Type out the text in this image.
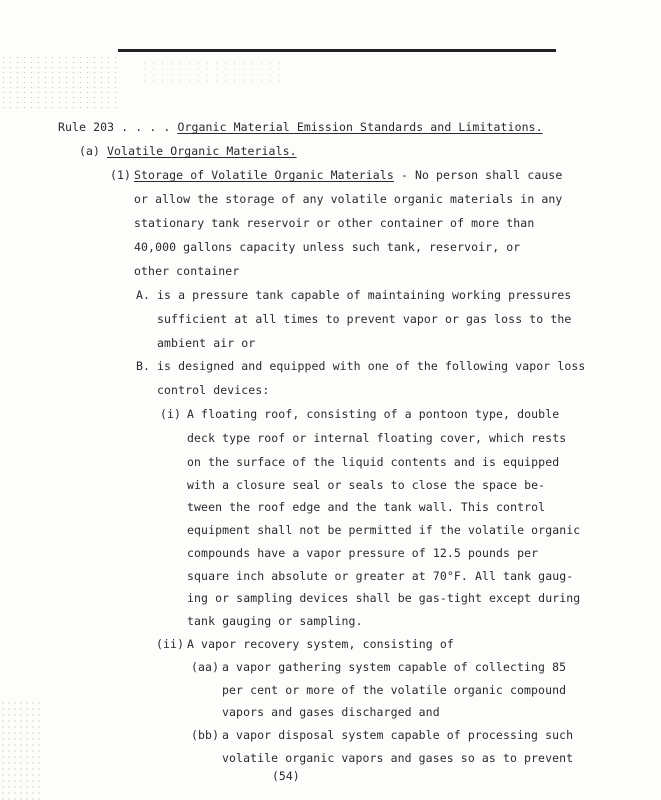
Rule 203 . . . . Organic Material Emission Standards and Limitations.
(a) Volatile Organic Materials.
(1) Storage of Volatile Organic Materials - No person shall cause
or allow the storage of any volatile organic materials in any
stationary tank reservoir or other container of more than
40,000 gallons capacity unless such tank, reservoir, or
other container
A. is a pressure tank capable of maintaining working pressures
sufficient at all times to prevent vapor or gas loss to the
ambient air or
B. is designed and equipped with one of the following vapor loss
control devices:
(i) A floating roof, consisting of a pontoon type, double
deck type roof or internal floating cover, which rests
on the surface of the liquid contents and is equipped
with a closure seal or seals to close the space be-
tween the roof edge and the tank wall. This control
equipment shall not be permitted if the volatile organic
compounds have a vapor pressure of 12.5 pounds per
square inch absolute or greater at 70°F. All tank gaug-
ing or sampling devices shall be gas-tight except during
tank gauging or sampling.
(ii) A vapor recovery system, consisting of
(aa) a vapor gathering system capable of collecting 85
per cent or more of the volatile organic compound
vapors and gases discharged and
(bb) a vapor disposal system capable of processing such
volatile organic vapors and gases so as to prevent
(54)
